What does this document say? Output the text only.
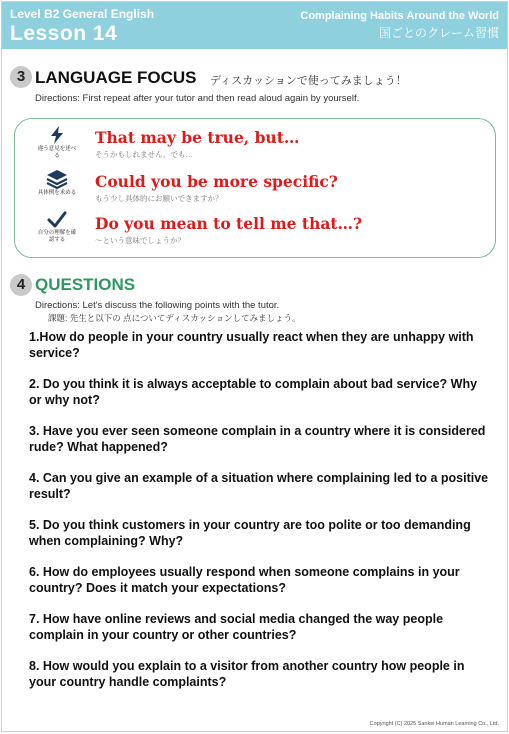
Level B2 General English
Lesson 14
Complaining Habits Around the World
国ごとのクレーム習慣
3 LANGUAGE FOCUS ディスカッションで使ってみましょう！
Directions: First repeat after your tutor and then read aloud again by yourself.
違う意見を述べる
That may be true, but…
そうかもしれません、でも…
具体例を求める
Could you be more specific?
もう少し具体的にお願いできますか？
自分の理解を確認する
Do you mean to tell me that…?
〜という意味でしょうか？
4 QUESTIONS
Directions: Let's discuss the following points with the tutor.
課題: 先生と以下の 点についてディスカッションしてみましょう。
1.How do people in your country usually react when they are unhappy with service?
2. Do you think it is always acceptable to complain about bad service? Why or why not?
3. Have you ever seen someone complain in a country where it is considered rude? What happened?
4. Can you give an example of a situation where complaining led to a positive result?
5. Do you think customers in your country are too polite or too demanding when complaining? Why?
6. How do employees usually respond when someone complains in your country? Does it match your expectations?
7. How have online reviews and social media changed the way people complain in your country or other countries?
8. How would you explain to a visitor from another country how people in your country handle complaints?
Copyright (C) 2025 Sankei Human Learning Co., Ltd.
